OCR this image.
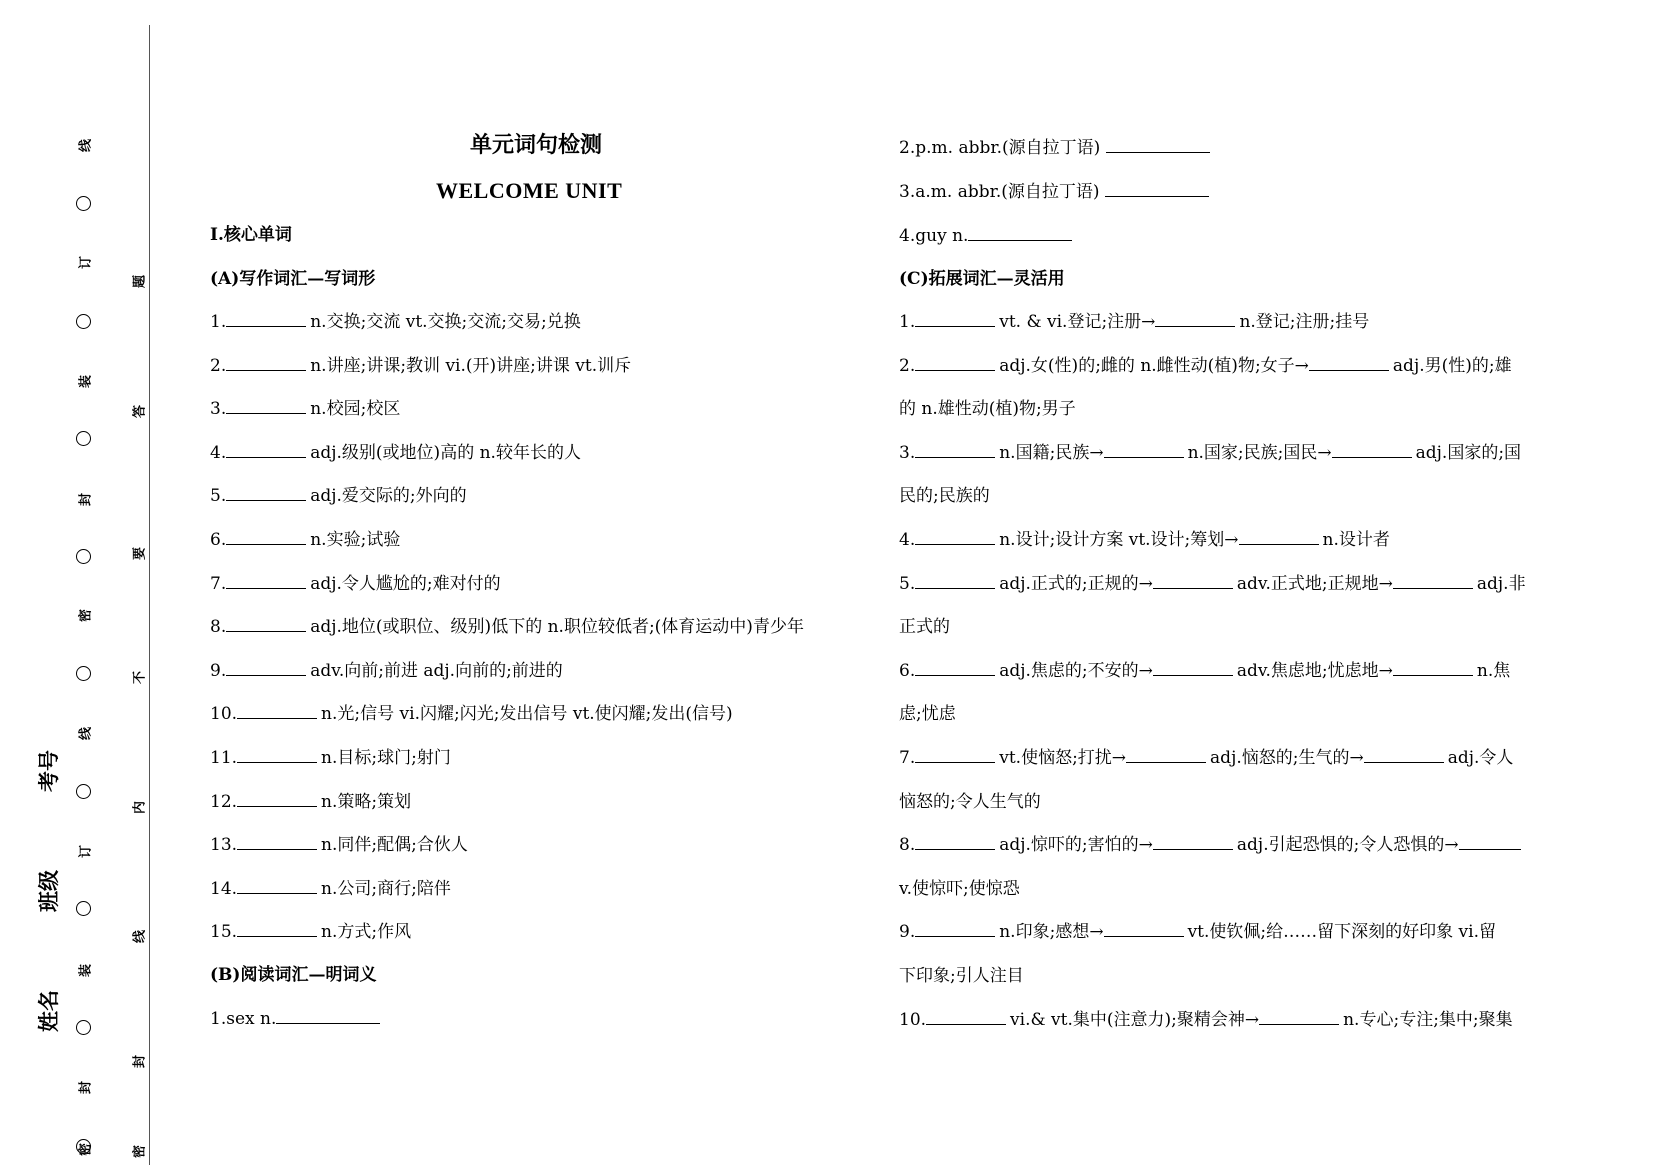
线
订
装
封
密
线
订
装
封
密
题
答
要
不
内
线
封
密
考号
班级
姓名
单元词句检测
WELCOME UNIT
I.核心单词
(A)写作词汇—写词形
1.	n.交换;交流 vt.交换;交流;交易;兑换
2.	n.讲座;讲课;教训 vi.(开)讲座;讲课 vt.训斥
3.	n.校园;校区
4.	adj.级别(或地位)高的 n.较年长的人
5.	adj.爱交际的;外向的
6.	n.实验;试验
7.	adj.令人尴尬的;难对付的
8.	adj.地位(或职位、级别)低下的 n.职位较低者;(体育运动中)青少年
9.	adv.向前;前进 adj.向前的;前进的
10.	n.光;信号 vi.闪耀;闪光;发出信号 vt.使闪耀;发出(信号)
11.	n.目标;球门;射门
12.	n.策略;策划
13.	n.同伴;配偶;合伙人
14.	n.公司;商行;陪伴
15.	n.方式;作风
(B)阅读词汇—明词义
1.sex n.
2.p.m. abbr.(源自拉丁语)
3.a.m. abbr.(源自拉丁语)
4.guy n.
(C)拓展词汇—灵活用
1.	vt. & vi.登记;注册→	n.登记;注册;挂号
2.	adj.女(性)的;雌的 n.雌性动(植)物;女子→	adj.男(性)的;雄
的 n.雄性动(植)物;男子
3.	n.国籍;民族→	n.国家;民族;国民→	adj.国家的;国
民的;民族的
4.	n.设计;设计方案 vt.设计;筹划→	n.设计者
5.	adj.正式的;正规的→	adv.正式地;正规地→	adj.非
正式的
6.	adj.焦虑的;不安的→	adv.焦虑地;忧虑地→	n.焦
虑;忧虑
7.	vt.使恼怒;打扰→	adj.恼怒的;生气的→	adj.令人
恼怒的;令人生气的
8.	adj.惊吓的;害怕的→	adj.引起恐惧的;令人恐惧的→
v.使惊吓;使惊恐
9.	n.印象;感想→	vt.使钦佩;给……留下深刻的好印象 vi.留
下印象;引人注目
10.	vi.& vt.集中(注意力);聚精会神→	n.专心;专注;集中;聚集
